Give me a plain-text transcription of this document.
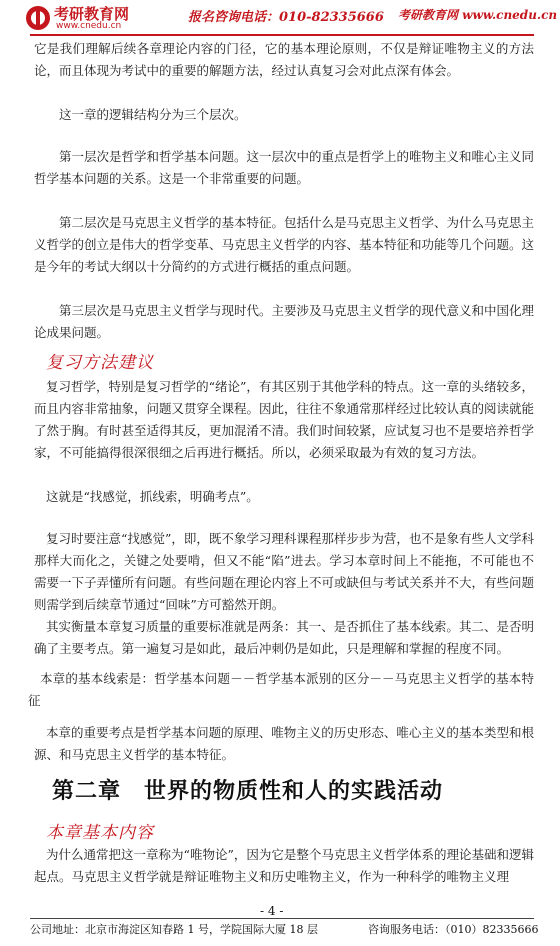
考研教育网
www.cnedu.cn
报名咨询电话：010-82335666 考研教育网 www.cnedu.cn

它是我们理解后续各章理论内容的门径，它的基本理论原则，不仅是辩证唯物主义的方法论，而且体现为考试中的重要的解题方法，经过认真复习会对此点深有体会。

这一章的逻辑结构分为三个层次。

第一层次是哲学和哲学基本问题。这一层次中的重点是哲学上的唯物主义和唯心主义同哲学基本问题的关系。这是一个非常重要的问题。

第二层次是马克思主义哲学的基本特征。包括什么是马克思主义哲学、为什么马克思主义哲学的创立是伟大的哲学变革、马克思主义哲学的内容、基本特征和功能等几个问题。这是今年的考试大纲以十分简约的方式进行概括的重点问题。

第三层次是马克思主义哲学与现时代。主要涉及马克思主义哲学的现代意义和中国化理论成果问题。

复习方法建议

复习哲学，特别是复习哲学的“绪论”，有其区别于其他学科的特点。这一章的头绪较多，而且内容非常抽象，问题又贯穿全课程。因此，往往不象通常那样经过比较认真的阅读就能了然于胸。有时甚至适得其反，更加混淆不清。我们时间较紧，应试复习也不是要培养哲学家，不可能搞得很深很细之后再进行概括。所以，必须采取最为有效的复习方法。

这就是“找感觉，抓线索，明确考点”。

复习时要注意“找感觉”，即，既不象学习理科课程那样步步为营，也不是象有些人文学科那样大而化之，关键之处要啃，但又不能“陷”进去。学习本章时间上不能拖，不可能也不需要一下子弄懂所有问题。有些问题在理论内容上不可或缺但与考试关系并不大，有些问题则需学到后续章节通过“回味”方可豁然开朗。

其实衡量本章复习质量的重要标准就是两条：其一、是否抓住了基本线索。其二、是否明确了主要考点。第一遍复习是如此，最后冲刺仍是如此，只是理解和掌握的程度不同。

本章的基本线索是：哲学基本问题－－哲学基本派别的区分－－马克思主义哲学的基本特征

本章的重要考点是哲学基本问题的原理、唯物主义的历史形态、唯心主义的基本类型和根源、和马克思主义哲学的基本特征。

第二章　世界的物质性和人的实践活动
本章基本内容

为什么通常把这一章称为“唯物论”，因为它是整个马克思主义哲学体系的理论基础和逻辑起点。马克思主义哲学就是辩证唯物主义和历史唯物主义，作为一种科学的唯物主义理

- 4 -
公司地址：北京市海淀区知春路 1 号，学院国际大厦 18 层	咨询服务电话：（010）82335666
